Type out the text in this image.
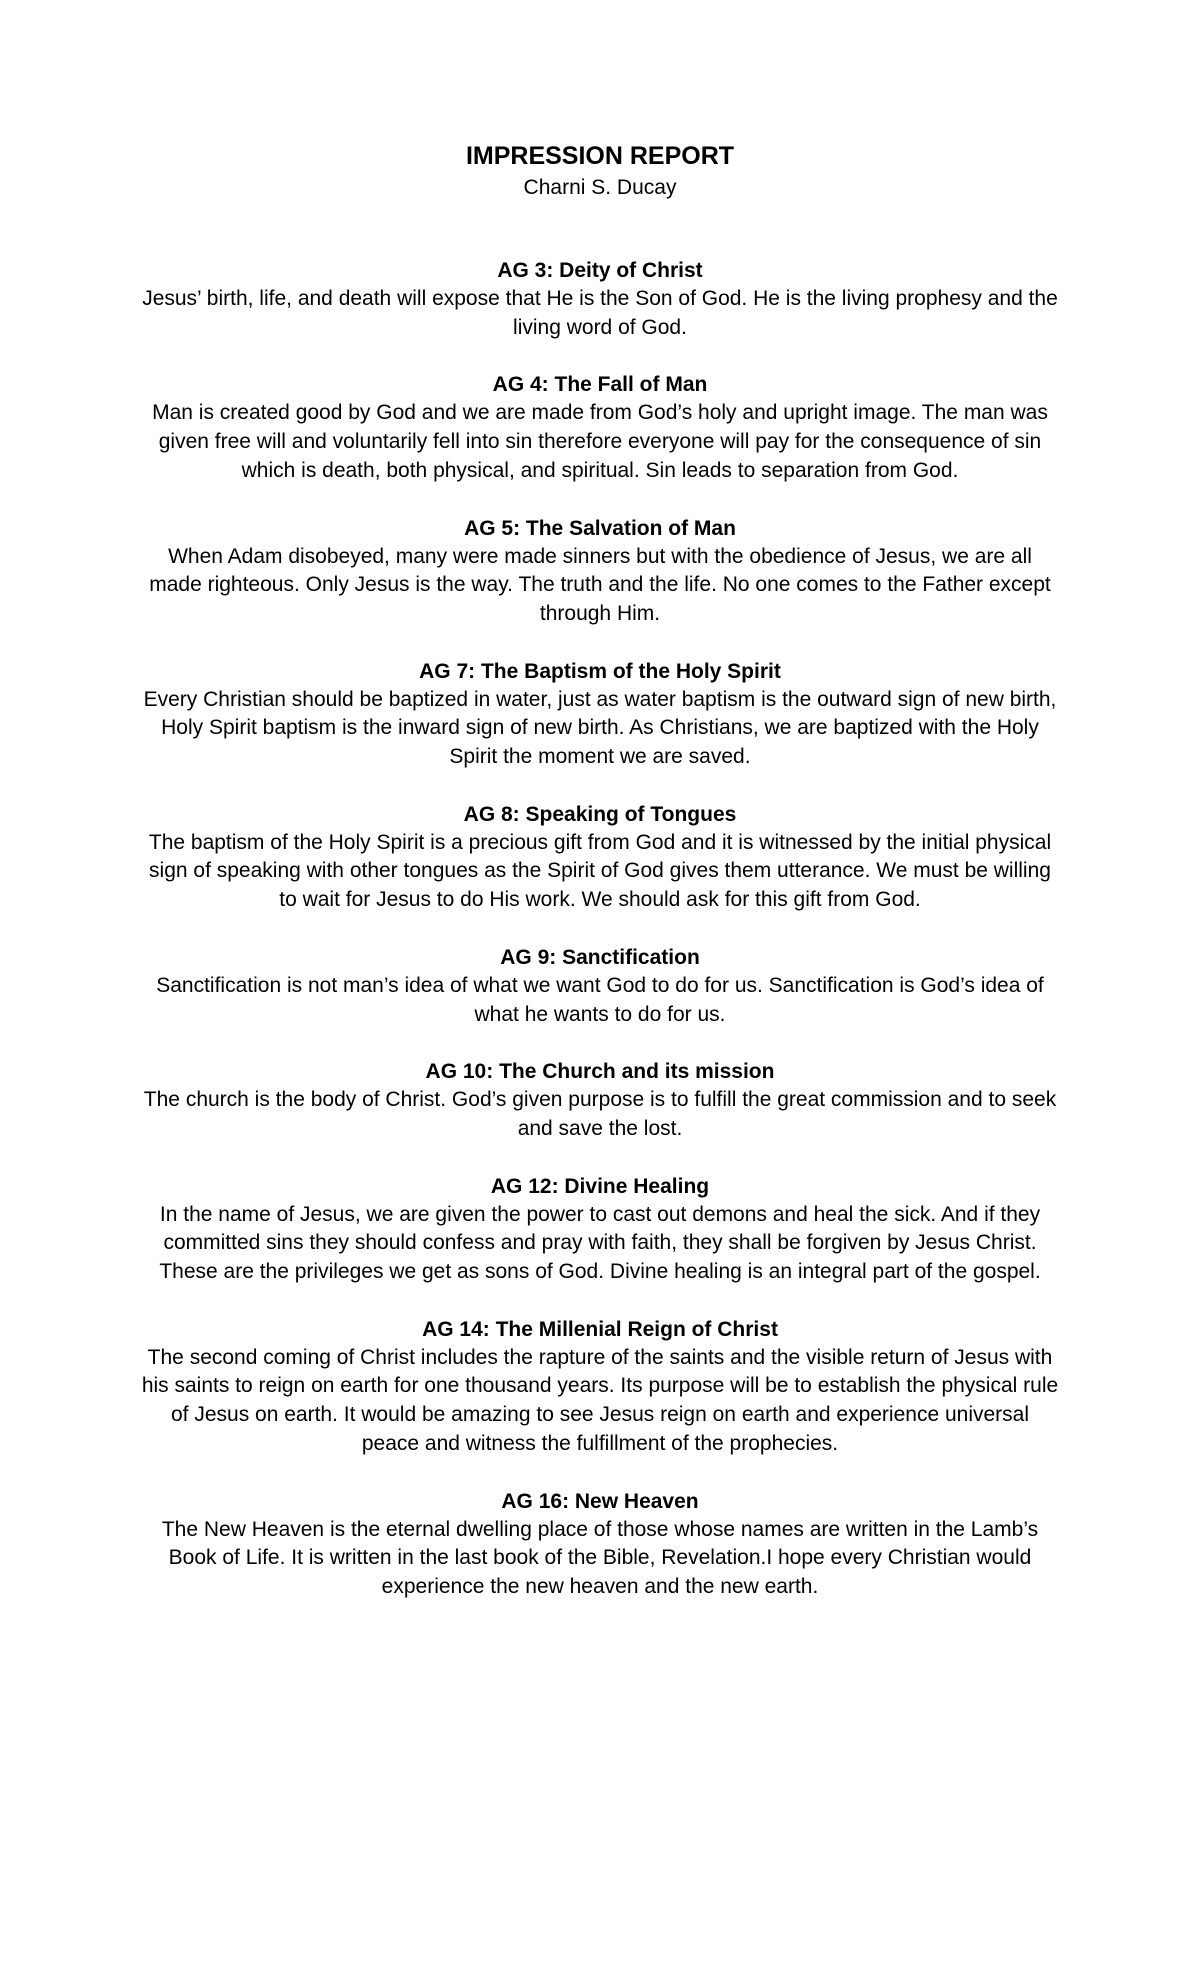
IMPRESSION REPORT

Charni S. Ducay

AG 3: Deity of Christ

Jesus’ birth, life, and death will expose that He is the Son of God. He is the living prophesy and the living word of God.

AG 4: The Fall of Man

Man is created good by God and we are made from God’s holy and upright image. The man was given free will and voluntarily fell into sin therefore everyone will pay for the consequence of sin which is death, both physical, and spiritual. Sin leads to separation from God.

AG 5: The Salvation of Man

When Adam disobeyed, many were made sinners but with the obedience of Jesus, we are all made righteous. Only Jesus is the way. The truth and the life. No one comes to the Father except through Him.

AG 7: The Baptism of the Holy Spirit

Every Christian should be baptized in water, just as water baptism is the outward sign of new birth, Holy Spirit baptism is the inward sign of new birth. As Christians, we are baptized with the Holy Spirit the moment we are saved.

AG 8: Speaking of Tongues

The baptism of the Holy Spirit is a precious gift from God and it is witnessed by the initial physical sign of speaking with other tongues as the Spirit of God gives them utterance. We must be willing to wait for Jesus to do His work. We should ask for this gift from God.

AG 9: Sanctification

Sanctification is not man’s idea of what we want God to do for us. Sanctification is God’s idea of what he wants to do for us.

AG 10: The Church and its mission

The church is the body of Christ. God’s given purpose is to fulfill the great commission and to seek and save the lost.

AG 12: Divine Healing

In the name of Jesus, we are given the power to cast out demons and heal the sick. And if they committed sins they should confess and pray with faith, they shall be forgiven by Jesus Christ. These are the privileges we get as sons of God. Divine healing is an integral part of the gospel.

AG 14: The Millenial Reign of Christ

The second coming of Christ includes the rapture of the saints and the visible return of Jesus with his saints to reign on earth for one thousand years. Its purpose will be to establish the physical rule of Jesus on earth. It would be amazing to see Jesus reign on earth and experience universal peace and witness the fulfillment of the prophecies.

AG 16: New Heaven

The New Heaven is the eternal dwelling place of those whose names are written in the Lamb’s Book of Life. It is written in the last book of the Bible, Revelation.I hope every Christian would experience the new heaven and the new earth.
